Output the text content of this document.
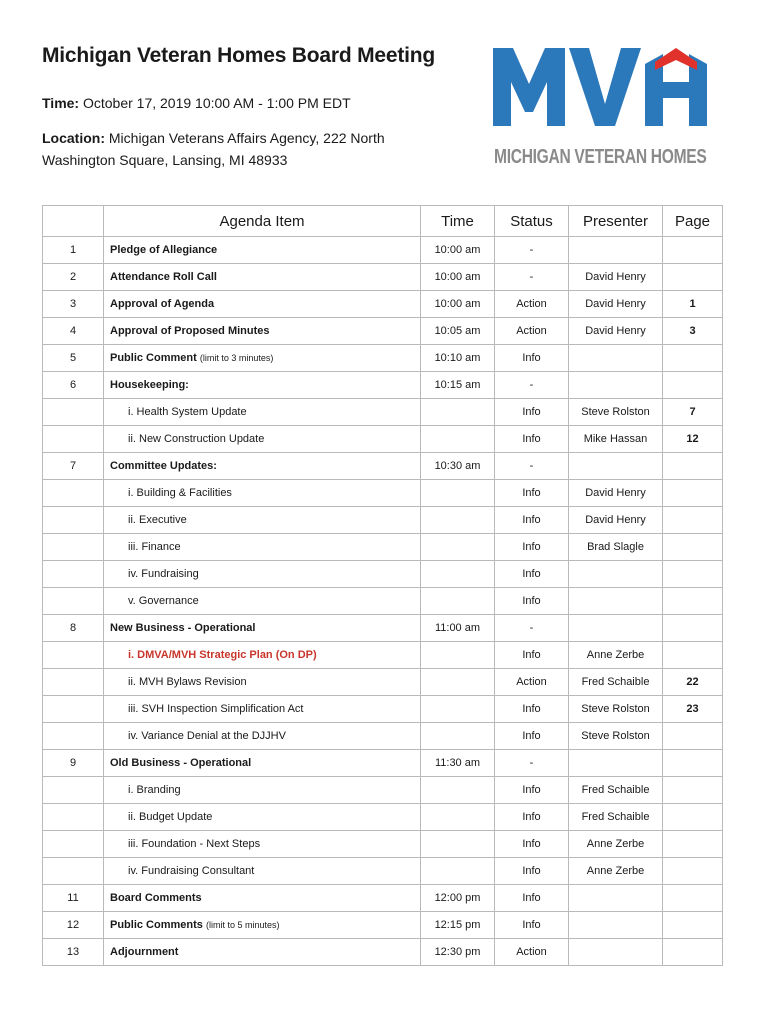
Michigan Veteran Homes Board Meeting

Time: October 17, 2019 10:00 AM - 1:00 PM EDT

Location: Michigan Veterans Affairs Agency, 222 North Washington Square, Lansing, MI 48933	MICHIGAN VETERAN HOMES
	Agenda Item	Time	Status	Presenter	Page
1	Pledge of Allegiance	10:00 am	-		
2	Attendance Roll Call	10:00 am	-	David Henry	
3	Approval of Agenda	10:00 am	Action	David Henry	1
4	Approval of Proposed Minutes	10:05 am	Action	David Henry	3
5	Public Comment (limit to 3 minutes)	10:10 am	Info		
6	Housekeeping:	10:15 am	-		
	i. Health System Update		Info	Steve Rolston	7
	ii. New Construction Update		Info	Mike Hassan	12
7	Committee Updates:	10:30 am	-		
	i. Building & Facilities		Info	David Henry	
	ii. Executive		Info	David Henry	
	iii. Finance		Info	Brad Slagle	
	iv. Fundraising		Info		
	v. Governance		Info		
8	New Business - Operational	11:00 am	-		
	i. DMVA/MVH Strategic Plan (On DP)		Info	Anne Zerbe	
	ii. MVH Bylaws Revision		Action	Fred Schaible	22
	iii. SVH Inspection Simplification Act		Info	Steve Rolston	23
	iv. Variance Denial at the DJJHV		Info	Steve Rolston	
9	Old Business - Operational	11:30 am	-		
	i. Branding		Info	Fred Schaible	
	ii. Budget Update		Info	Fred Schaible	
	iii. Foundation - Next Steps		Info	Anne Zerbe	
	iv. Fundraising Consultant		Info	Anne Zerbe	
11	Board Comments	12:00 pm	Info		
12	Public Comments (limit to 5 minutes)	12:15 pm	Info		
13	Adjournment	12:30 pm	Action		
